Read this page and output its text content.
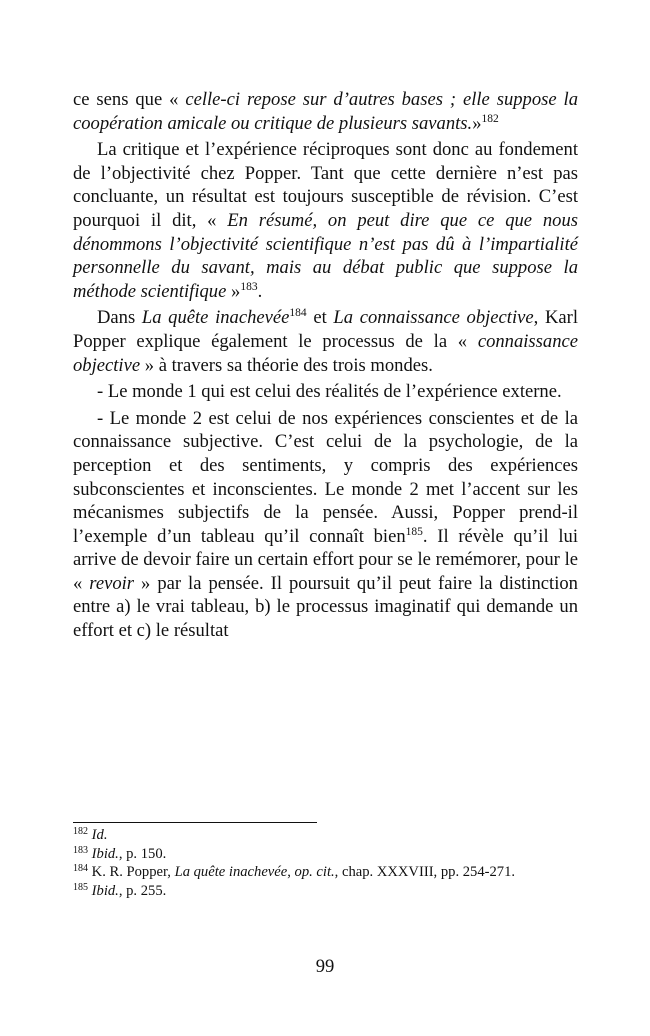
ce sens que « celle-ci repose sur d’autres bases ; elle suppose la coopération amicale ou critique de plusieurs savants.»$^{182}$

La critique et l’expérience réciproques sont donc au fondement de l’objectivité chez Popper. Tant que cette dernière n’est pas concluante, un résultat est toujours susceptible de révision. C’est pourquoi il dit, « En résumé, on peut dire que ce que nous dénommons l’objectivité scientifique n’est pas dû à l’impartialité personnelle du savant, mais au débat public que suppose la méthode scientifique »$^{183}$.

Dans La quête inachevée$^{184}$ et La connaissance objective, Karl Popper explique également le processus de la « connaissance objective » à travers sa théorie des trois mondes.

- Le monde 1 qui est celui des réalités de l’expérience externe.

- Le monde 2 est celui de nos expériences conscientes et de la connaissance subjective. C’est celui de la psychologie, de la perception et des sentiments, y compris des expériences subconscientes et inconscientes. Le monde 2 met l’accent sur les mécanismes subjectifs de la pensée. Aussi, Popper prend-il l’exemple d’un tableau qu’il connaît bien$^{185}$. Il révèle qu’il lui arrive de devoir faire un certain effort pour se le remémorer, pour le « revoir » par la pensée. Il poursuit qu’il peut faire la distinction entre a) le vrai tableau, b) le processus imaginatif qui demande un effort et c) le résultat

$^{182}$ Id.

$^{183}$ Ibid., p. 150.

$^{184}$ K. R. Popper, La quête inachevée, op. cit., chap. XXXVIII, pp. 254-271.

$^{185}$ Ibid., p. 255.

99
